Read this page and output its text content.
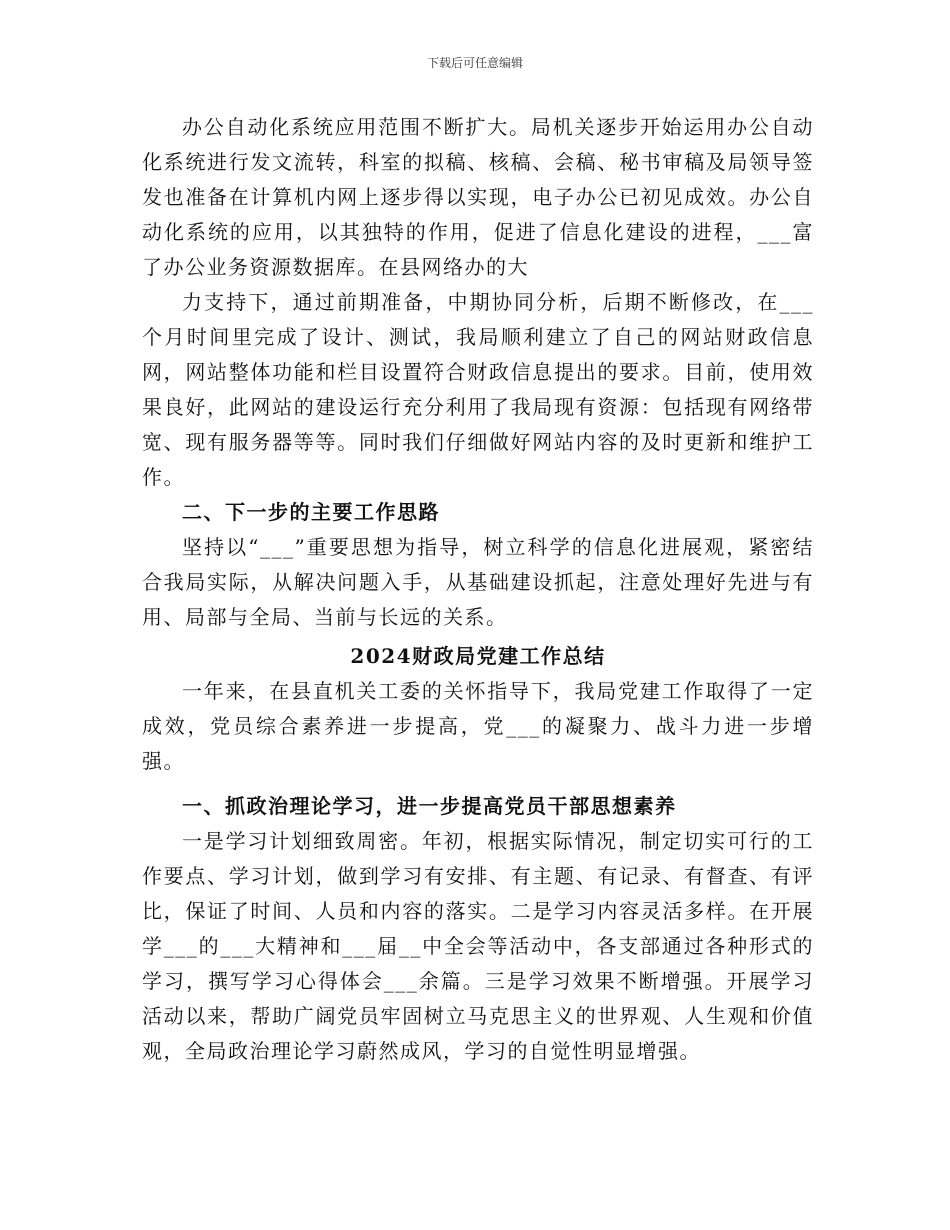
下载后可任意编辑

办公自动化系统应用范围不断扩大。局机关逐步开始运用办公自动化系统进行发文流转，科室的拟稿、核稿、会稿、秘书审稿及局领导签发也准备在计算机内网上逐步得以实现，电子办公已初见成效。办公自动化系统的应用，以其独特的作用，促进了信息化建设的进程，___富了办公业务资源数据库。在县网络办的大

力支持下，通过前期准备，中期协同分析，后期不断修改，在___个月时间里完成了设计、测试，我局顺利建立了自己的网站财政信息网，网站整体功能和栏目设置符合财政信息提出的要求。目前，使用效果良好，此网站的建设运行充分利用了我局现有资源：包括现有网络带宽、现有服务器等等。同时我们仔细做好网站内容的及时更新和维护工作。

二、下一步的主要工作思路

坚持以“___”重要思想为指导，树立科学的信息化进展观，紧密结合我局实际，从解决问题入手，从基础建设抓起，注意处理好先进与有用、局部与全局、当前与长远的关系。

2024财政局党建工作总结

一年来，在县直机关工委的关怀指导下，我局党建工作取得了一定成效，党员综合素养进一步提高，党___的凝聚力、战斗力进一步增强。

一、抓政治理论学习，进一步提高党员干部思想素养

一是学习计划细致周密。年初，根据实际情况，制定切实可行的工作要点、学习计划，做到学习有安排、有主题、有记录、有督查、有评比，保证了时间、人员和内容的落实。二是学习内容灵活多样。在开展学___的___大精神和___届__中全会等活动中，各支部通过各种形式的学习，撰写学习心得体会___余篇。三是学习效果不断增强。开展学习活动以来，帮助广阔党员牢固树立马克思主义的世界观、人生观和价值观，全局政治理论学习蔚然成风，学习的自觉性明显增强。
